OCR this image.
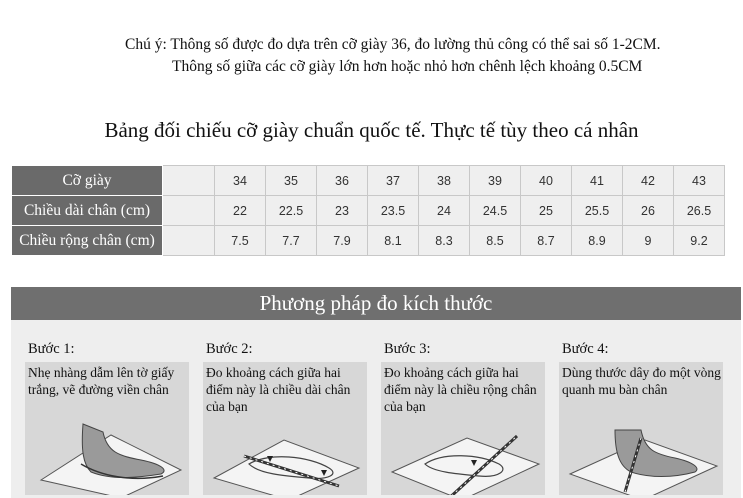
Chú ý: Thông số được đo dựa trên cỡ giày 36, đo lường thủ công có thể sai số 1-2CM.
Thông số giữa các cỡ giày lớn hơn hoặc nhỏ hơn chênh lệch khoảng 0.5CM
Bảng đối chiếu cỡ giày chuẩn quốc tế. Thực tế tùy theo cá nhân
Cỡ giày		34	35	36	37	38	39	40	41	42	43
Chiều dài chân (cm)		22	22.5	23	23.5	24	24.5	25	25.5	26	26.5
Chiều rộng chân (cm)		7.5	7.7	7.9	8.1	8.3	8.5	8.7	8.9	9	9.2
Phương pháp đo kích thước
Bước 1:
Nhẹ nhàng dẫm lên tờ giấy trắng, vẽ đường viền chân
Bước 2:
Đo khoảng cách giữa hai điểm này là chiều dài chân của bạn
Bước 3:
Đo khoảng cách giữa hai điểm này là chiều rộng chân của bạn
Bước 4:
Dùng thước dây đo một vòng quanh mu bàn chân
